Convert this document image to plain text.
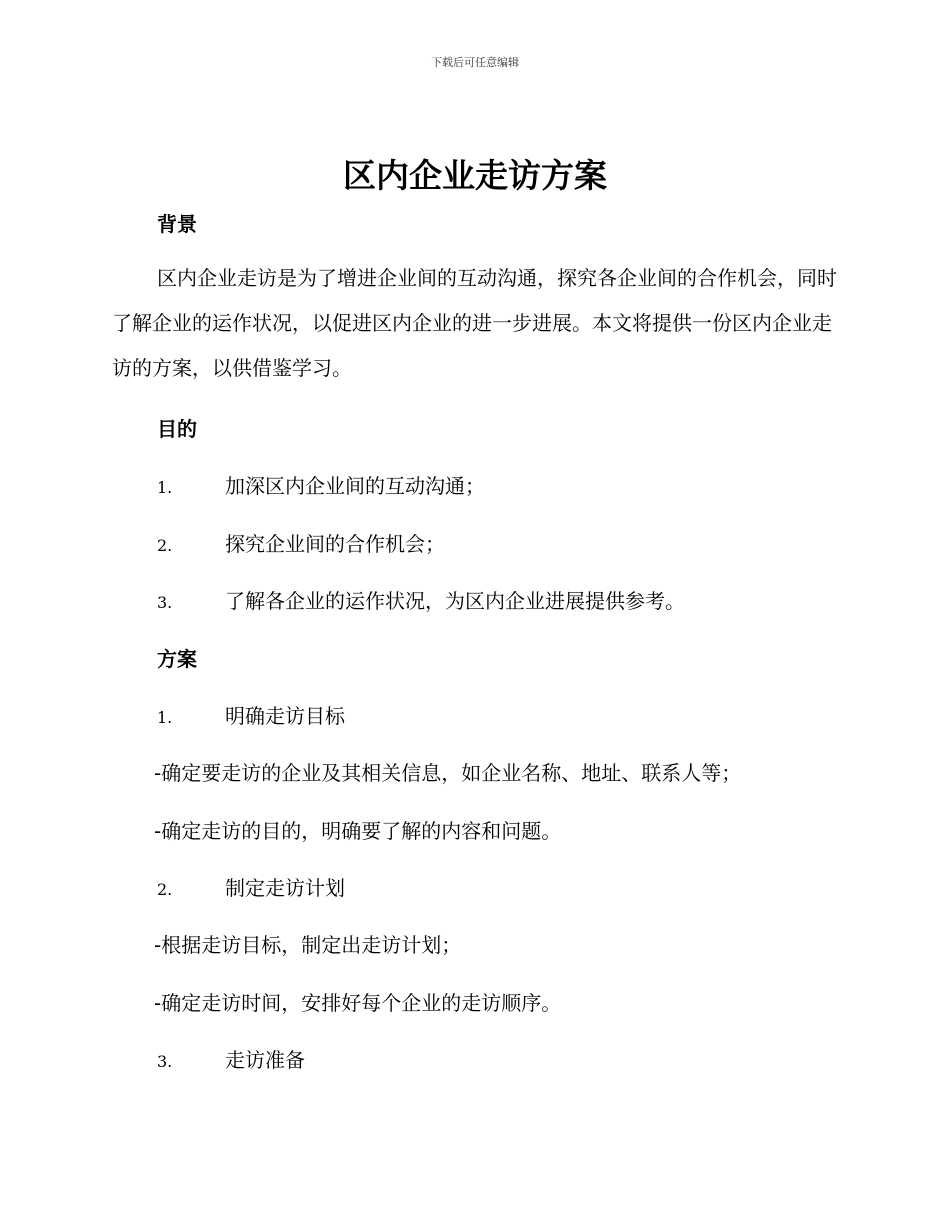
下载后可任意编辑
区内企业走访方案
背景
区内企业走访是为了增进企业间的互动沟通，探究各企业间的合作机会，同时了解企业的运作状况，以促进区内企业的进一步进展。本文将提供一份区内企业走访的方案，以供借鉴学习。
目的
1.	加深区内企业间的互动沟通；
2.	探究企业间的合作机会；
3.	了解各企业的运作状况，为区内企业进展提供参考。
方案
1.	明确走访目标
-确定要走访的企业及其相关信息，如企业名称、地址、联系人等；
-确定走访的目的，明确要了解的内容和问题。
2.	制定走访计划
-根据走访目标，制定出走访计划；
-确定走访时间，安排好每个企业的走访顺序。
3.	走访准备
